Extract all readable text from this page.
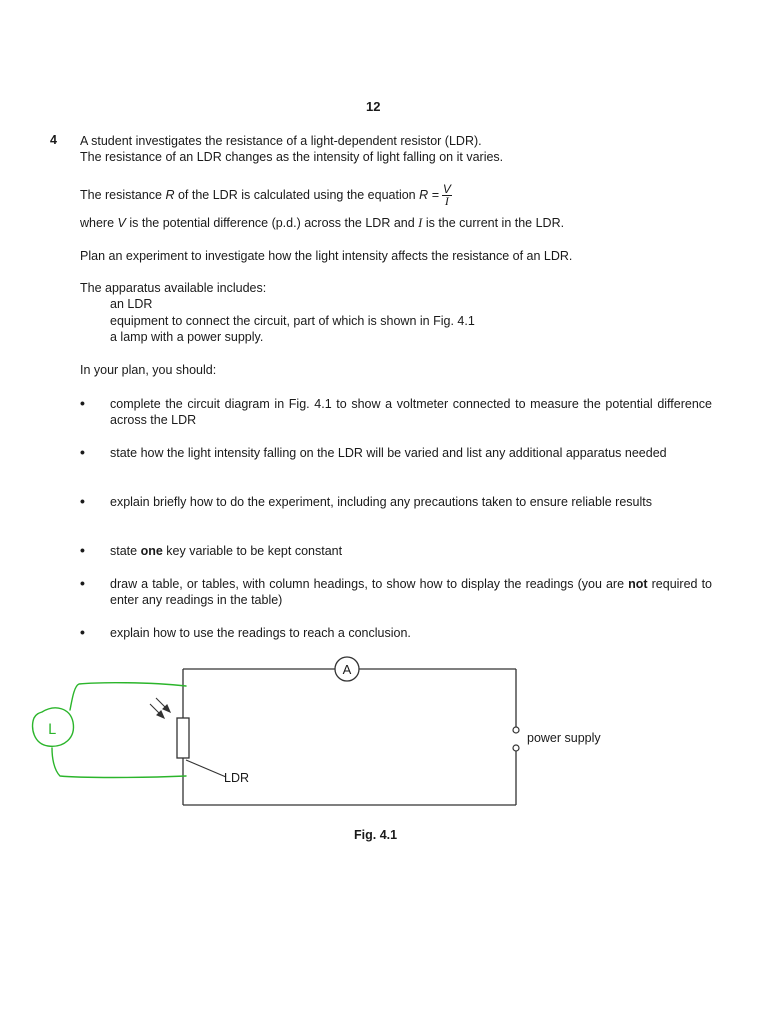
12
4 A student investigates the resistance of a light-dependent resistor (LDR).
The resistance of an LDR changes as the intensity of light falling on it varies.
The resistance R of the LDR is calculated using the equation $R = \frac{V}{I}$
where V is the potential difference (p.d.) across the LDR and I is the current in the LDR.
Plan an experiment to investigate how the light intensity affects the resistance of an LDR.
The apparatus available includes:
an LDR
equipment to connect the circuit, part of which is shown in Fig. 4.1
a lamp with a power supply.
In your plan, you should:
• complete the circuit diagram in Fig. 4.1 to show a voltmeter connected to measure the potential difference across the LDR
• state how the light intensity falling on the LDR will be varied and list any additional apparatus needed
• explain briefly how to do the experiment, including any precautions taken to ensure reliable results
• state one key variable to be kept constant
• draw a table, or tables, with column headings, to show how to display the readings (you are not required to enter any readings in the table)
• explain how to use the readings to reach a conclusion.
A
power supply
LDR
L
Fig. 4.1
